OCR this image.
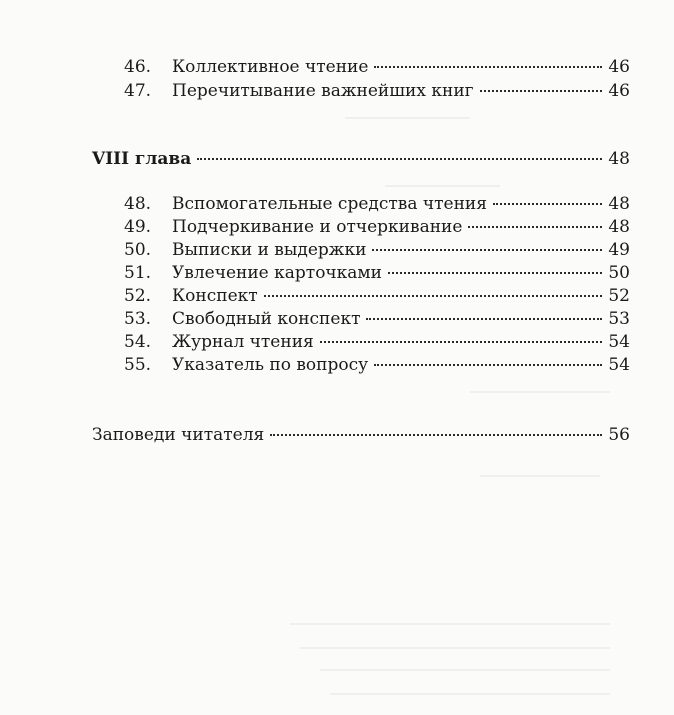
46.	Коллективное чтение	46
47.	Перечитывание важнейших книг	46
VIII глава	48
48.	Вспомогательные средства чтения	48
49.	Подчеркивание и отчеркивание	48
50.	Выписки и выдержки	49
51.	Увлечение карточками	50
52.	Конспект	52
53.	Свободный конспект	53
54.	Журнал чтения	54
55.	Указатель по вопросу	54
Заповеди читателя	56
